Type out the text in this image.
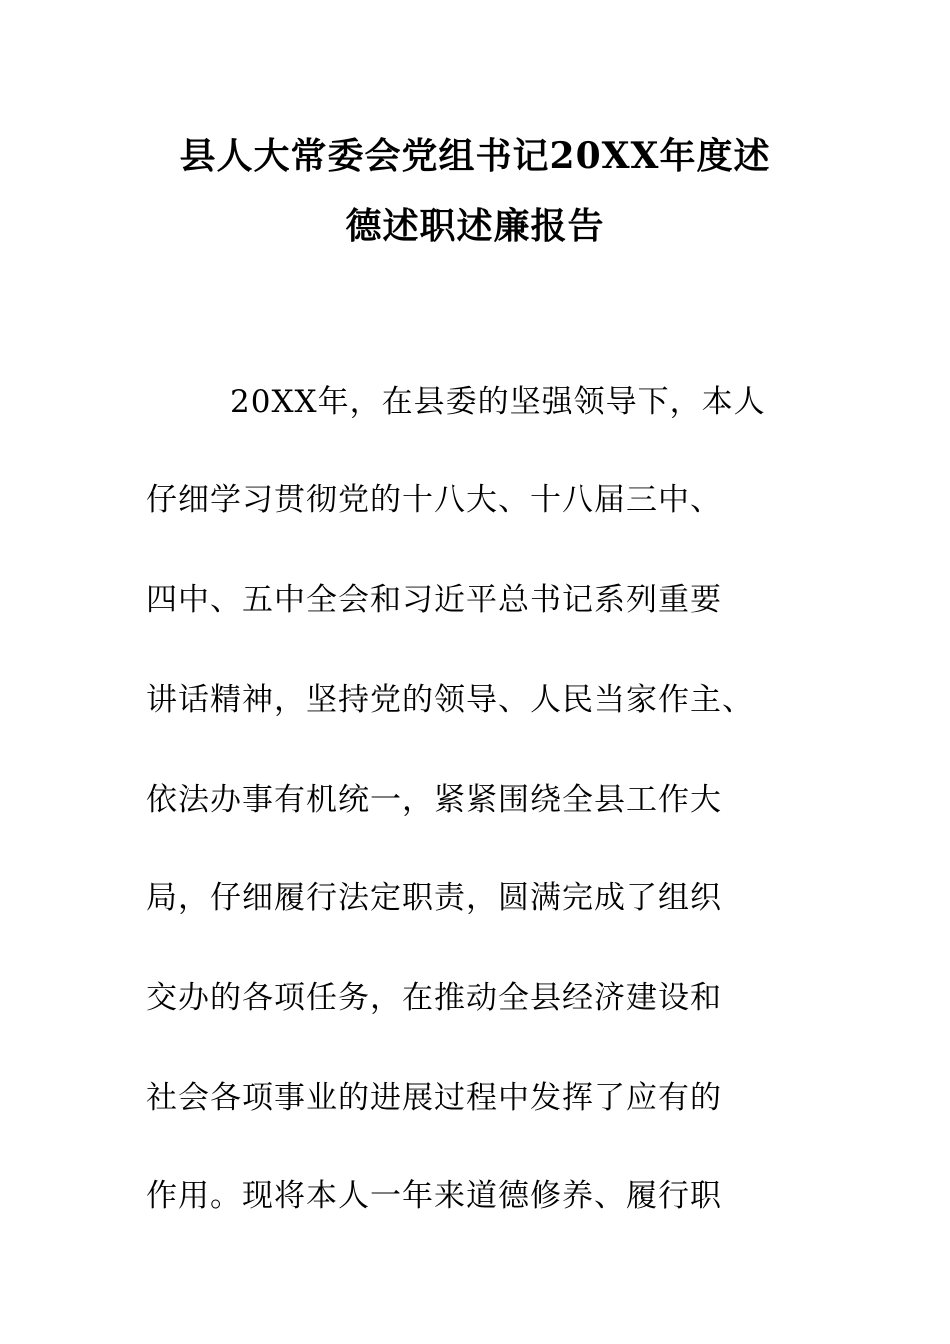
县人大常委会党组书记20XX年度述
德述职述廉报告
20XX年，在县委的坚强领导下，本人
仔细学习贯彻党的十八大、十八届三中、
四中、五中全会和习近平总书记系列重要
讲话精神，坚持党的领导、人民当家作主、
依法办事有机统一，紧紧围绕全县工作大
局，仔细履行法定职责，圆满完成了组织
交办的各项任务，在推动全县经济建设和
社会各项事业的进展过程中发挥了应有的
作用。现将本人一年来道德修养、履行职
